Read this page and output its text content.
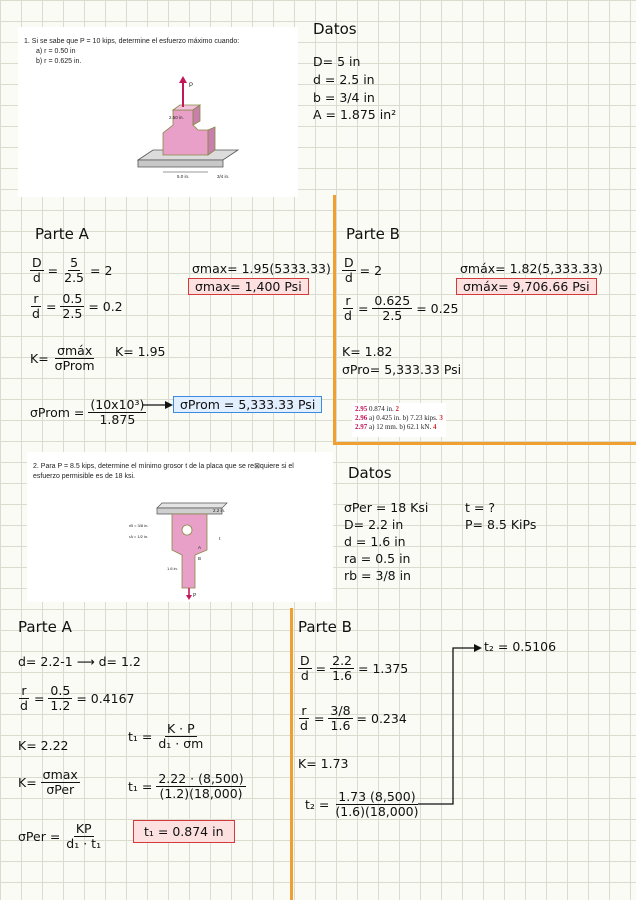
1. Si se sabe que P = 10 kips, determine el esfuerzo máximo cuando:
a) r = 0.50 in
b) r = 0.625 in.
P
2.50 in.
5.0 in.	3/4 in.
Datos
D= 5 in
d = 2.5 in
b = 3/4 in
A = 1.875 in²
Parte A
$\frac{D}{d} = \frac{5}{2.5} = 2$
$\frac{r}{d} = \frac{0.5}{2.5} = 0.2$
$K= \frac{\text{σmáx}}{\text{σProm}} K= 1.95$
σProm = $\frac{\text{(10x10³)}}{1.875}$	σProm = 5,333.33 Psi
σmax= 1.95(5333.33)
σmax= 1,400 Psi
Parte B
$\frac{D}{d} = 2$
$\frac{r}{d} = \frac{0.625}{2.5} = 0.25$
K= 1.82
σPro= 5,333.33 Psi
σmáx= 1.82(5,333.33)
σmáx= 9,706.66 Psi
2.95 0.874 in. 2
2.96 a) 0.425 in. b) 7.23 kips. 3
2.97 a) 12 mm. b) 62.1 kN. 4
2. Para P = 8.5 kips, determine el mínimo grosor t de la placa que se re⊠quiere si el esfuerzo permisible es de 18 ksi.
2.2 in.
rB = 3/8 in.
rA = 1/2 in.
1.6 in.
A
B
t
P
Datos
σPer = 18 Ksi
D= 2.2 in
d = 1.6 in
ra = 0.5 in
rb = 3/8 in
t = ?
P= 8.5 KiPs
Parte A
d= 2.2-1 ⟶ d= 1.2
$\frac{r}{d} = \frac{0.5}{1.2} = 0.4167$
K= 2.22
$K= \frac{\sigma\max}{\text{σPer}}$
$t_1 = \frac{K \cdot P}{\text{d₁ · σm}}$
$t_1 = \frac{2.22 \cdot (8,500)}{(1.2)(18,000)}$
$\sigma Per = \frac{KP}{\text{d₁ · t₁}}$	t₁ = 0.874 in
Parte B
$\frac{D}{d} = \frac{2.2}{1.6} = 1.375$
$\frac{r}{d} = \frac{3/8}{1.6} = 0.234$
K= 1.73
$t_2 = \frac{1.73 (8,500)}{(1.6)(18,000)}$
t₂ = 0.5106
